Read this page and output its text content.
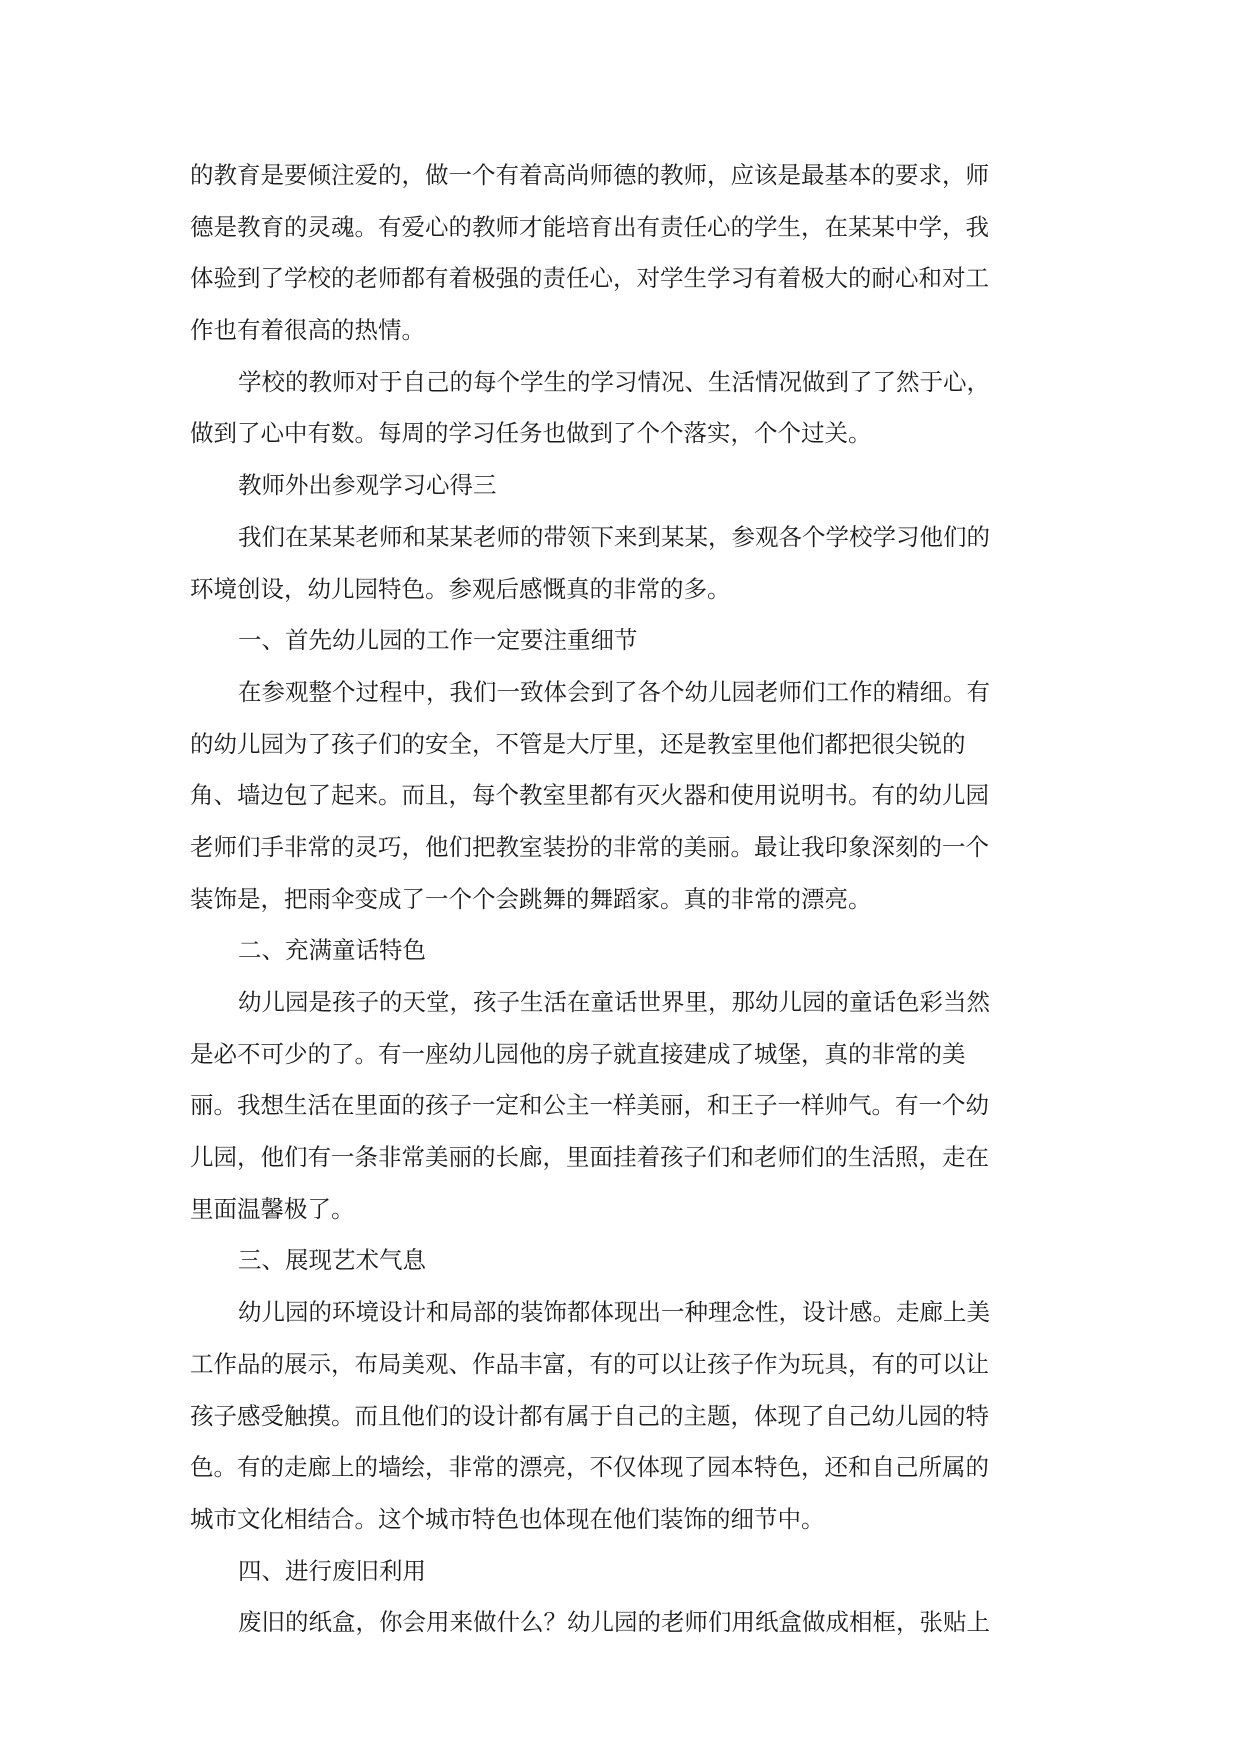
的教育是要倾注爱的，做一个有着高尚师德的教师，应该是最基本的要求，师
德是教育的灵魂。有爱心的教师才能培育出有责任心的学生，在某某中学，我
体验到了学校的老师都有着极强的责任心，对学生学习有着极大的耐心和对工
作也有着很高的热情。
学校的教师对于自己的每个学生的学习情况、生活情况做到了了然于心，
做到了心中有数。每周的学习任务也做到了个个落实，个个过关。
教师外出参观学习心得三
我们在某某老师和某某老师的带领下来到某某，参观各个学校学习他们的
环境创设，幼儿园特色。参观后感慨真的非常的多。
一、首先幼儿园的工作一定要注重细节
在参观整个过程中，我们一致体会到了各个幼儿园老师们工作的精细。有
的幼儿园为了孩子们的安全，不管是大厅里，还是教室里他们都把很尖锐的
角、墙边包了起来。而且，每个教室里都有灭火器和使用说明书。有的幼儿园
老师们手非常的灵巧，他们把教室装扮的非常的美丽。最让我印象深刻的一个
装饰是，把雨伞变成了一个个会跳舞的舞蹈家。真的非常的漂亮。
二、充满童话特色
幼儿园是孩子的天堂，孩子生活在童话世界里，那幼儿园的童话色彩当然
是必不可少的了。有一座幼儿园他的房子就直接建成了城堡，真的非常的美
丽。我想生活在里面的孩子一定和公主一样美丽，和王子一样帅气。有一个幼
儿园，他们有一条非常美丽的长廊，里面挂着孩子们和老师们的生活照，走在
里面温馨极了。
三、展现艺术气息
幼儿园的环境设计和局部的装饰都体现出一种理念性，设计感。走廊上美
工作品的展示，布局美观、作品丰富，有的可以让孩子作为玩具，有的可以让
孩子感受触摸。而且他们的设计都有属于自己的主题，体现了自己幼儿园的特
色。有的走廊上的墙绘，非常的漂亮，不仅体现了园本特色，还和自己所属的
城市文化相结合。这个城市特色也体现在他们装饰的细节中。
四、进行废旧利用
废旧的纸盒，你会用来做什么？幼儿园的老师们用纸盒做成相框，张贴上
